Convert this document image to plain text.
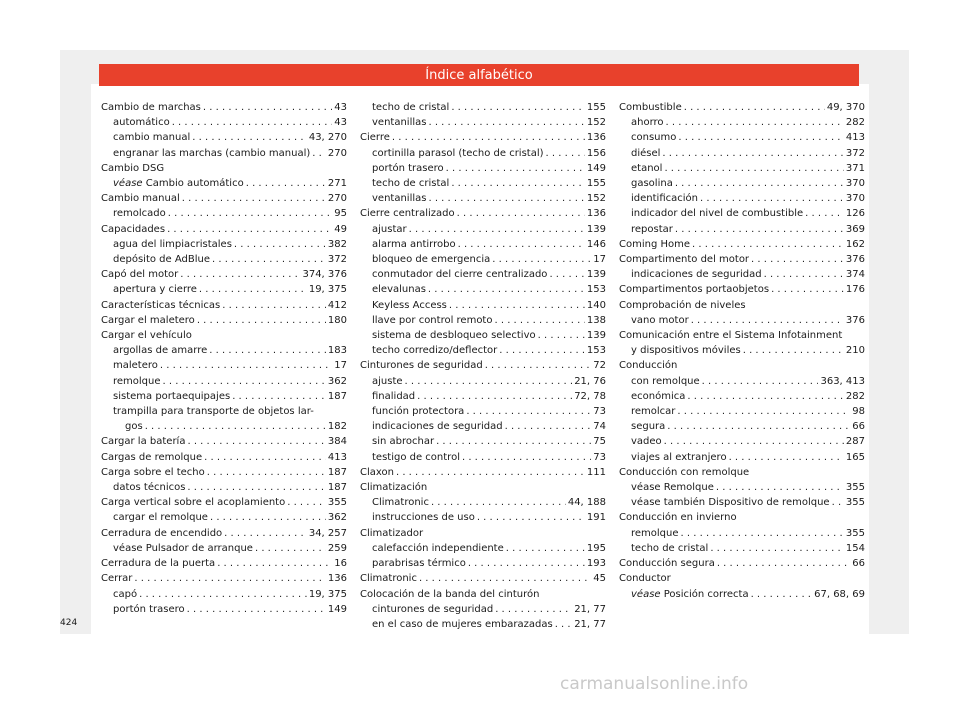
Índice alfabético
Cambio de marchas . . .	43
automático . . .	43
cambio manual . . .	43, 270
engranar las marchas (cambio manual) . . . 270
Cambio DSG
véase Cambio automático . . .	271
Cambio manual . . .	270
remolcado . . .	95
Capacidades . . .	49
agua del limpiacristales . . .	382
depósito de AdBlue . . .	372
Capó del motor . . .	374, 376
apertura y cierre . . .	19, 375
Características técnicas . . .	412
Cargar el maletero . . .	180
Cargar el vehículo
argollas de amarre . . .	183
maletero . . .	17
remolque . . .	362
sistema portaequipajes . . .	187
trampilla para transporte de objetos lar-
gos . . .	182
Cargar la batería . . .	384
Cargas de remolque . . .	413
Carga sobre el techo . . .	187
datos técnicos . . .	187
Carga vertical sobre el acoplamiento . . .	355
cargar el remolque . . .	362
Cerradura de encendido . . .	34, 257
véase Pulsador de arranque . . .	259
Cerradura de la puerta . . .	16
Cerrar . . .	136
capó . . .	19, 375
portón trasero . . .	149
techo de cristal . . .	155
ventanillas . . .	152
Cierre . . .	136
cortinilla parasol (techo de cristal) . . .	156
portón trasero . . .	149
techo de cristal . . .	155
ventanillas . . .	152
Cierre centralizado . . .	136
ajustar . . .	139
alarma antirrobo . . .	146
bloqueo de emergencia . . .	17
conmutador del cierre centralizado . . .	139
elevalunas . . .	153
Keyless Access . . .	140
llave por control remoto . . .	138
sistema de desbloqueo selectivo . . .	139
techo corredizo/deflector . . .	153
Cinturones de seguridad . . .	72
ajuste . . .	21, 76
finalidad . . .	72, 78
función protectora . . .	73
indicaciones de seguridad . . .	74
sin abrochar . . .	75
testigo de control . . .	73
Claxon . . .	111
Climatización
Climatronic . . .	44, 188
instrucciones de uso . . .	191
Climatizador
calefacción independiente . . .	195
parabrisas térmico . . .	193
Climatronic . . .	45
Colocación de la banda del cinturón
cinturones de seguridad . . .	21, 77
en el caso de mujeres embarazadas . . . 21, 77
Combustible . . .	49, 370
ahorro . . .	282
consumo . . .	413
diésel . . .	372
etanol . . .	371
gasolina . . .	370
identificación . . .	370
indicador del nivel de combustible . . .	126
repostar . . .	369
Coming Home . . .	162
Compartimento del motor . . .	376
indicaciones de seguridad . . .	374
Compartimentos portaobjetos . . .	176
Comprobación de niveles
vano motor . . .	376
Comunicación entre el Sistema Infotainment
y dispositivos móviles . . .	210
Conducción
con remolque . . .	363, 413
económica . . .	282
remolcar . . .	98
segura . . .	66
vadeo . . .	287
viajes al extranjero . . .	165
Conducción con remolque
véase Remolque . . .	355
véase también Dispositivo de remolque . . . 355
Conducción en invierno
remolque . . .	355
techo de cristal . . .	154
Conducción segura . . .	66
Conductor
véase Posición correcta . . .	67, 68, 69
424
carmanualsonline.info
